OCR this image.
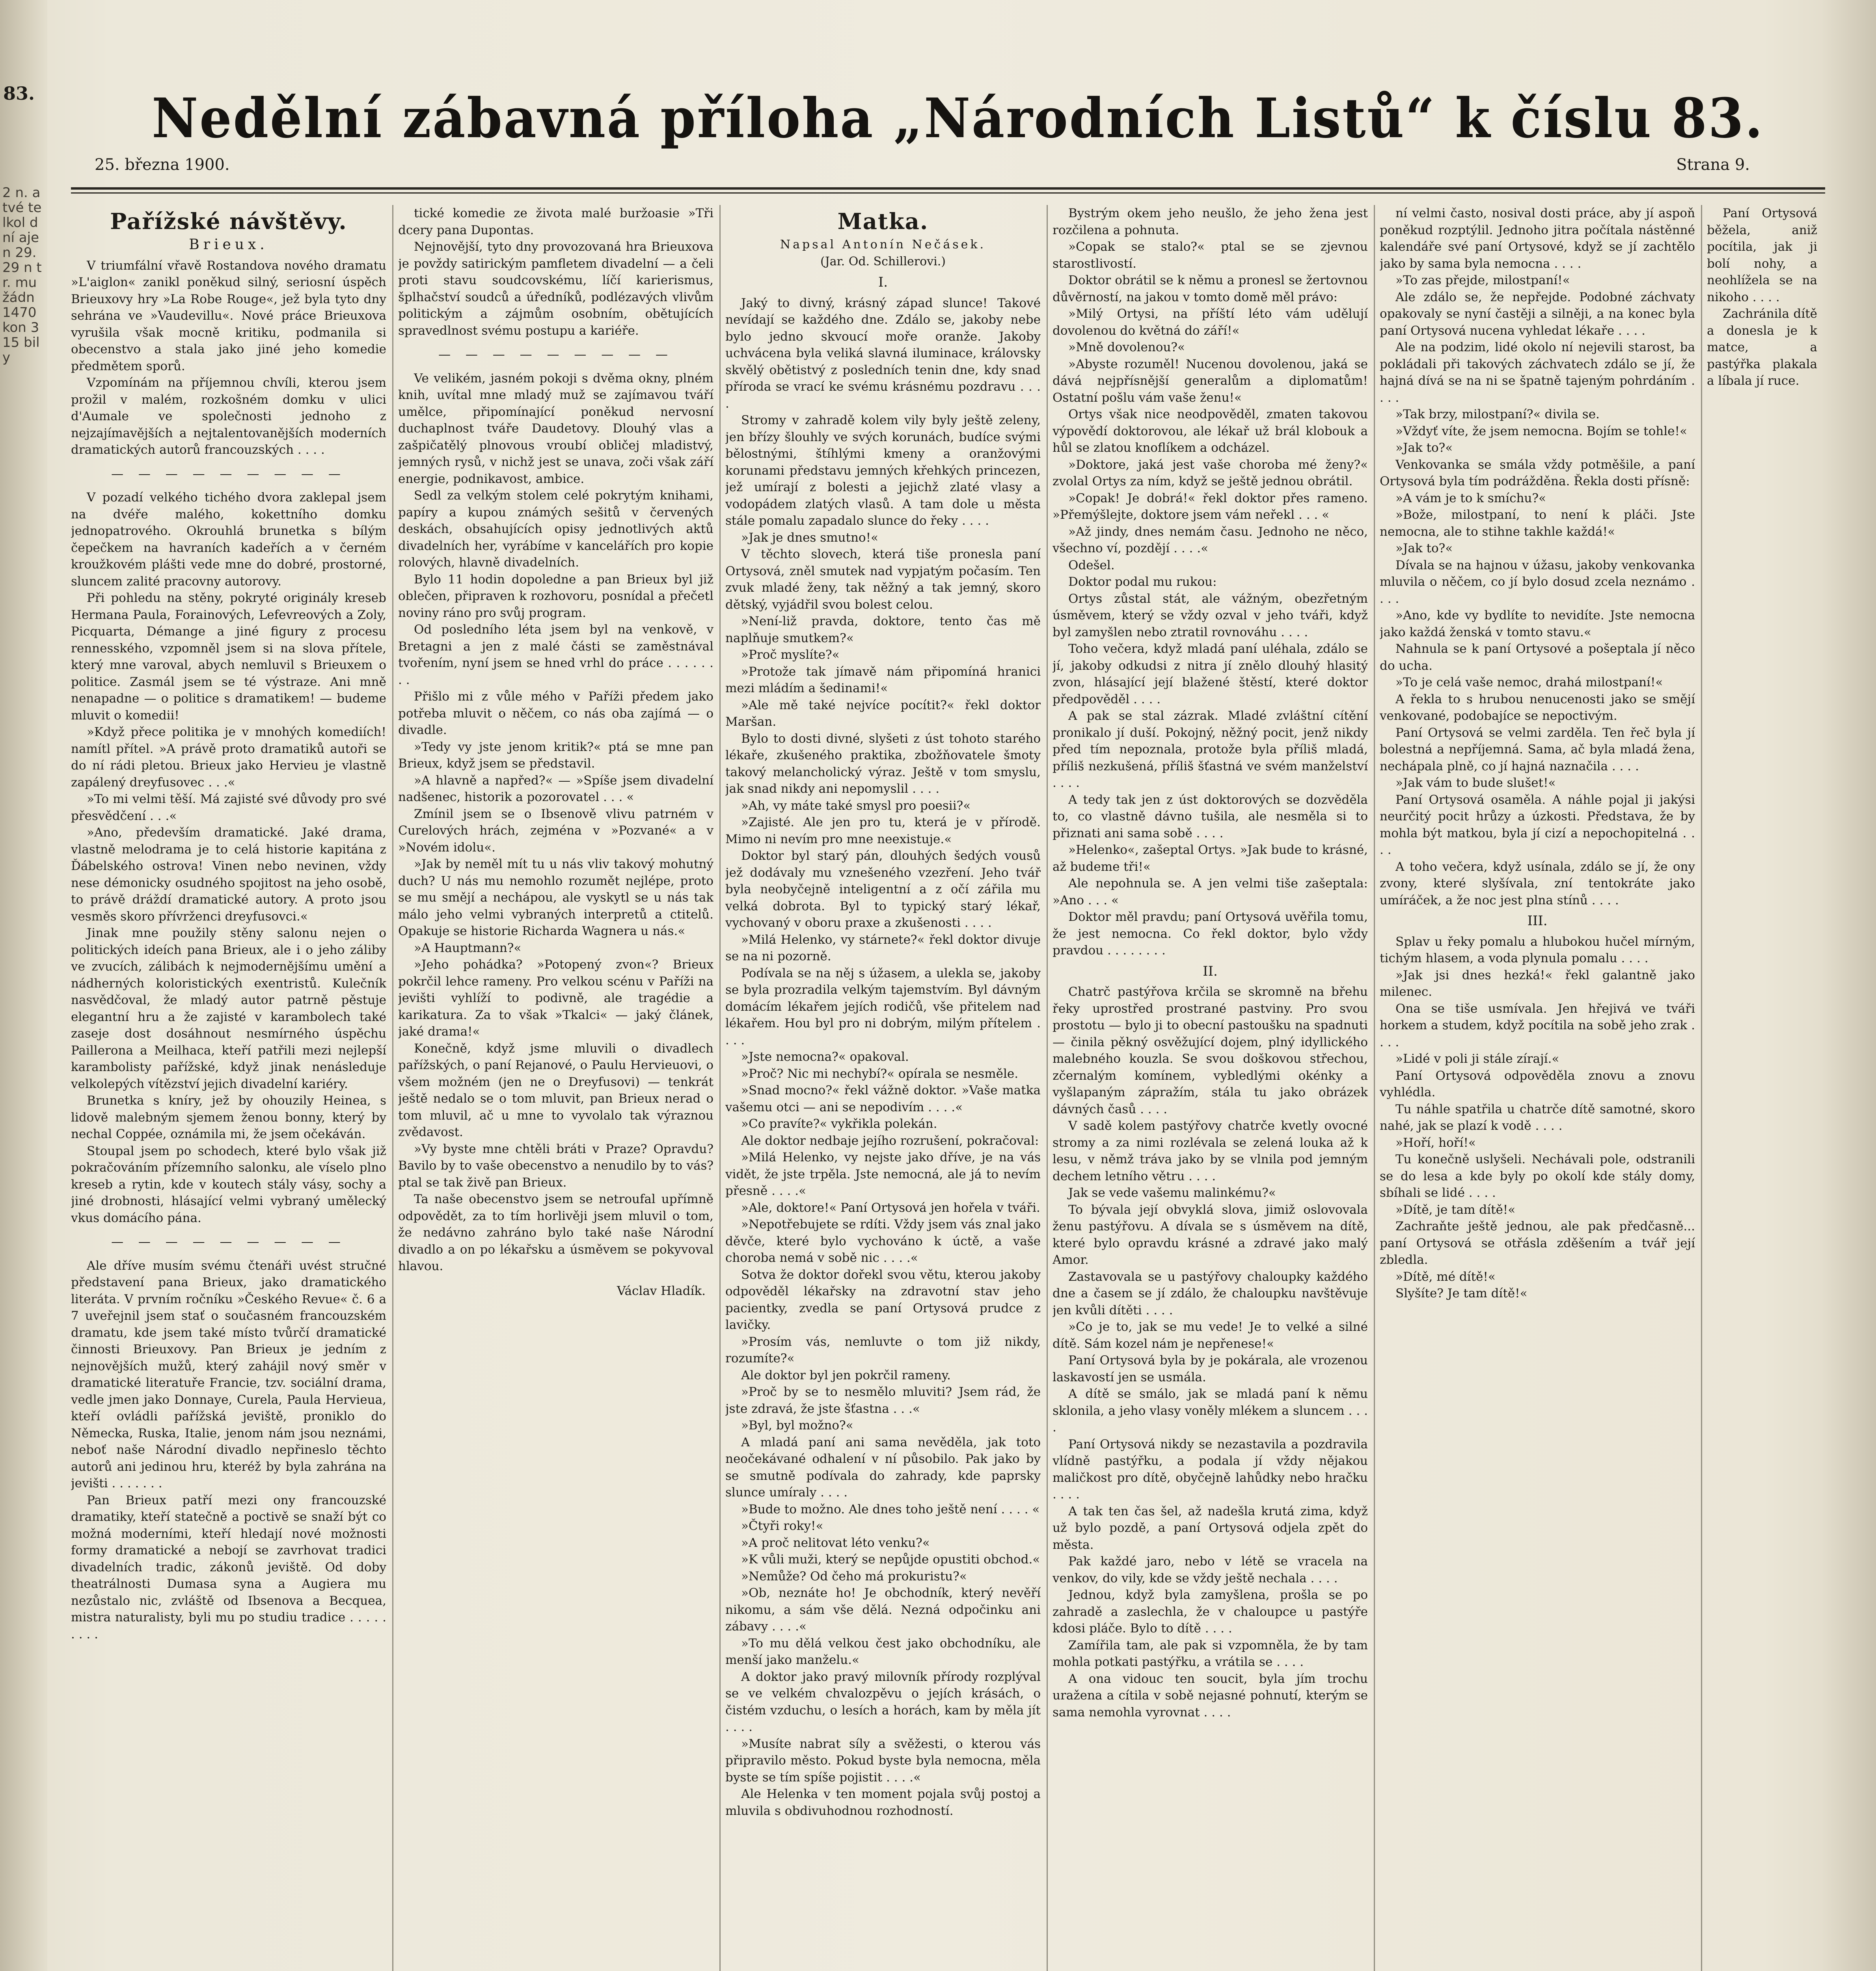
83.
2 n. a tvé telkol dní ajen 29. 29 n tr. mu žádn 1470 kon 315 bily
Nedělní zábavná příloha „Národních Listů“ k číslu 83.
25. března 1900.	Strana 9.
Pařížské návštěvy.
Brieux.

V triumfální vřavě Rostandova nového dramatu »L'aiglon« zanikl poněkud silný, seriosní úspěch Brieuxovy hry »La Robe Rouge«, jež byla tyto dny sehrána ve »Vaudevillu«. Nové práce Brieuxova vyrušila však mocně kritiku, podmanila si obecenstvo a stala jako jiné jeho komedie předmětem sporů.

Vzpomínám na příjemnou chvíli, kterou jsem prožil v malém, rozkošném domku v ulici d'Aumale ve společnosti jednoho z nejzajímavějších a nejtalentovanějších moderních dramatických autorů francouzských . . . .

— — — — — — — — —

V pozadí velkého tichého dvora zaklepal jsem na dvéře malého, kokettního domku jednopatrového. Okrouhlá brunetka s bílým čepečkem na havraních kadeřích a v černém kroužkovém plášti vede mne do dobré, prostorné, sluncem zalité pracovny autorovy.

Při pohledu na stěny, pokryté originály kreseb Hermana Paula, Forainových, Lefevreových a Zoly, Picquarta, Démange a jiné figury z procesu rennesského, vzpomněl jsem si na slova přítele, který mne varoval, abych nemluvil s Brieuxem o politice. Zasmál jsem se té výstraze. Ani mně nenapadne — o politice s dramatikem! — budeme mluvit o komedii!

»Když přece politika je v mnohých komediích! namítl přítel. »A právě proto dramatiků autoři se do ní rádi pletou. Brieux jako Hervieu je vlastně zapálený dreyfusovec . . .«

»To mi velmi těší. Má zajisté své důvody pro své přesvědčení . . .«

»Ano, především dramatické. Jaké drama, vlastně melodrama je to celá historie kapitána z Ďábelského ostrova! Vinen nebo nevinen, vždy nese démonicky osudného spojitost na jeho osobě, to právě dráždí dramatické autory. A proto jsou vesměs skoro přívrženci dreyfusovci.«

Jinak mne použily stěny salonu nejen o politických ideích pana Brieux, ale i o jeho záliby ve zvucích, zálibách k nejmodernějšímu umění a nádherných koloristických exentristů. Kulečník nasvědčoval, že mladý autor patrně pěstuje elegantní hru a že zajisté v karambolech také zaseje dost dosáhnout nesmírného úspěchu Paillerona a Meilhaca, kteří patřili mezi nejlepší karambolisty pařížské, když jinak nenásleduje velkolepých vítězství jejich divadelní kariéry.

Brunetka s kníry, jež by ohouzily Heinea, s lidově malebným sjemem ženou bonny, který by nechal Coppée, oznámila mi, že jsem očekáván.

Stoupal jsem po schodech, které bylo však již pokračováním přízemního salonku, ale víselo plno kreseb a rytin, kde v koutech stály vásy, sochy a jiné drobnosti, hlásající velmi vybraný umělecký vkus domácího pána.

— — — — — — — — —

Ale dříve musím svému čtenáři uvést stručné představení pana Brieux, jako dramatického literáta. V prvním ročníku »Českého Revue« č. 6 a 7 uveřejnil jsem stať o současném francouzském dramatu, kde jsem také místo tvůrčí dramatické činnosti Brieuxovy. Pan Brieux je jedním z nejnovějších mužů, který zahájil nový směr v dramatické literatuře Francie, tzv. sociální drama, vedle jmen jako Donnaye, Curela, Paula Hervieua, kteří ovládli pařížská jeviště, proniklo do Německa, Ruska, Italie, jenom nám jsou neznámi, neboť naše Národní divadlo nepřineslo těchto autorů ani jedinou hru, kteréž by byla zahrána na jevišti . . . . . . .

Pan Brieux patří mezi ony francouzské dramatiky, kteří statečně a poctivě se snaží být co možná moderními, kteří hledají nové možnosti formy dramatické a nebojí se zavrhovat tradici divadelních tradic, zákonů jeviště. Od doby theatrálnosti Dumasa syna a Augiera mu nezůstalo nic, zvláště od Ibsenova a Becquea, mistra naturalisty, byli mu po studiu tradice . . . . . . . . .

tické komedie ze života malé buržoasie »Tři dcery pana Dupontas.

Nejnovější, tyto dny provozovaná hra Brieuxova je povždy satirickým pamfletem divadelní — a čeli proti stavu soudcovskému, líčí karierismus, šplhačství soudců a úředníků, podlézavých vlivům politickým a zájmům osobním, obětujících spravedlnost svému postupu a kariéře.

— — — — — — — — —

Ve velikém, jasném pokoji s dvěma okny, plném knih, uvítal mne mladý muž se zajímavou tváří umělce, připomínající poněkud nervosní duchaplnost tváře Daudetovy. Dlouhý vlas a zašpičatělý plnovous vroubí obličej mladistvý, jemných rysů, v nichž jest se unava, zoči však září energie, podnikavost, ambice.

Sedl za velkým stolem celé pokrytým knihami, papíry a kupou známých sešitů v červených deskách, obsahujících opisy jednotlivých aktů divadelních her, vyrábíme v kancelářích pro kopie rolových, hlavně divadelních.

Bylo 11 hodin dopoledne a pan Brieux byl již oblečen, připraven k rozhovoru, posnídal a přečetl noviny ráno pro svůj program.

Od posledního léta jsem byl na venkově, v Bretagni a jen z malé části se zaměstnával tvořením, nyní jsem se hned vrhl do práce . . . . . . . .

Přišlo mi z vůle mého v Paříži předem jako potřeba mluvit o něčem, co nás oba zajímá — o divadle.

»Tedy vy jste jenom kritik?« ptá se mne pan Brieux, když jsem se představil.

»A hlavně a napřed?« — »Spíše jsem divadelní nadšenec, historik a pozorovatel . . . «

Zmínil jsem se o Ibsenově vlivu patrném v Curelových hrách, zejména v »Pozvané« a v »Novém idolu«.

»Jak by neměl mít tu u nás vliv takový mohutný duch? U nás mu nemohlo rozumět nejlépe, proto se mu smějí a nechápou, ale vyskytl se u nás tak málo jeho velmi vybraných interpretů a ctitelů. Opakuje se historie Richarda Wagnera u nás.«

»A Hauptmann?«

»Jeho pohádka? »Potopený zvon«? Brieux pokrčil lehce rameny. Pro velkou scénu v Paříži na jevišti vyhlíží to podivně, ale tragédie a karikatura. Za to však »Tkalci« — jaký článek, jaké drama!«

Konečně, když jsme mluvili o divadlech pařížských, o paní Rejanové, o Paulu Hervieuovi, o všem možném (jen ne o Dreyfusovi) — tenkrát ještě nedalo se o tom mluvit, pan Brieux nerad o tom mluvil, ač u mne to vyvolalo tak výraznou zvědavost.

»Vy byste mne chtěli bráti v Praze? Opravdu? Bavilo by to vaše obecenstvo a nenudilo by to vás? ptal se tak živě pan Brieux.

Ta naše obecenstvo jsem se netroufal upřímně odpovědět, za to tím horlivěji jsem mluvil o tom, že nedávno zahráno bylo také naše Národní divadlo a on po lékařsku a úsměvem se pokyvoval hlavou.

Václav Hladík.
Matka.
Napsal Antonín Nečásek.
(Jar. Od. Schillerovi.)
I.

Jaký to divný, krásný západ slunce! Takové nevídají se každého dne. Zdálo se, jakoby nebe bylo jedno skvoucí moře oranže. Jakoby uchvácena byla veliká slavná iluminace, královsky skvělý obětistvý z posledních tenin dne, kdy snad příroda se vrací ke svému krásnému pozdravu . . . .

Stromy v zahradě kolem vily byly ještě zeleny, jen břízy šlouhly ve svých korunách, budíce svými bělostnými, štíhlými kmeny a oranžovými korunami představu jemných křehkých princezen, jež umírají z bolesti a jejichž zlaté vlasy a vodopádem zlatých vlasů. A tam dole u města stále pomalu zapadalo slunce do řeky . . . .

»Jak je dnes smutno!«

V těchto slovech, která tiše pronesla paní Ortysová, zněl smutek nad vypjatým počasím. Ten zvuk mladé ženy, tak něžný a tak jemný, skoro dětský, vyjádřil svou bolest celou.

»Není-liž pravda, doktore, tento čas mě naplňuje smutkem?«

»Proč myslíte?«

»Protože tak jímavě nám připomíná hranici mezi mládím a šedinami!«

»Ale mě také nejvíce pocítit?« řekl doktor Maršan.

Bylo to dosti divné, slyšeti z úst tohoto starého lékaře, zkušeného praktika, zbožňovatele šmoty takový melancholický výraz. Ještě v tom smyslu, jak snad nikdy ani nepomyslil . . . .

»Ah, vy máte také smysl pro poesii?«

»Zajisté. Ale jen pro tu, která je v přírodě. Mimo ni nevím pro mne neexistuje.«

Doktor byl starý pán, dlouhých šedých vousů jež dodávaly mu vznešeného vzezření. Jeho tvář byla neobyčejně inteligentní a z očí zářila mu velká dobrota. Byl to typický starý lékař, vychovaný v oboru praxe a zkušenosti . . . .

»Milá Helenko, vy stárnete?« řekl doktor divuje se na ni pozorně.

Podívala se na něj s úžasem, a ulekla se, jakoby se byla prozradila velkým tajemstvím. Byl dávným domácím lékařem jejích rodičů, vše přitelem nad lékařem. Hou byl pro ni dobrým, milým přítelem . . . .

»Jste nemocna?« opakoval.

»Proč? Nic mi nechybí?« opírala se nesměle.

»Snad mocno?« řekl vážně doktor. »Vaše matka vašemu otci — ani se nepodivím . . . .«

»Co pravíte?« vykřikla polekán.

Ale doktor nedbaje jejího rozrušení, pokračoval:

»Milá Helenko, vy nejste jako dříve, je na vás vidět, že jste trpěla. Jste nemocná, ale já to nevím přesně . . . .«

»Ale, doktore!« Paní Ortysová jen hořela v tváři.

»Nepotřebujete se rdíti. Vždy jsem vás znal jako děvče, které bylo vychováno k úctě, a vaše choroba nemá v sobě nic . . . .«

Sotva že doktor dořekl svou větu, kterou jakoby odpověděl lékařsky na zdravotní stav jeho pacientky, zvedla se paní Ortysová prudce z lavičky.

»Prosím vás, nemluvte o tom již nikdy, rozumíte?«

Ale doktor byl jen pokrčil rameny.

»Proč by se to nesmělo mluviti? Jsem rád, že jste zdravá, že jste šťastna . . .«

»Byl, byl možno?«

A mladá paní ani sama nevěděla, jak toto neočekávané odhalení v ní působilo. Pak jako by se smutně podívala do zahrady, kde paprsky slunce umíraly . . . .

»Bude to možno. Ale dnes toho ještě není . . . . «

»Čtyři roky!«

»A proč nelitovat léto venku?«

»K vůli muži, který se nepůjde opustiti obchod.«

»Nemůže? Od čeho má prokuristu?«

»Ob, neznáte ho! Je obchodník, který nevěří nikomu, a sám vše dělá. Nezná odpočinku ani zábavy . . . .«

»To mu dělá velkou čest jako obchodníku, ale menší jako manželu.«

A doktor jako pravý milovník přírody rozplýval se ve velkém chvalozpěvu o jejích krásách, o čistém vzduchu, o lesích a horách, kam by měla jít . . . .

»Musíte nabrat síly a svěžesti, o kterou vás připravilo město. Pokud byste byla nemocna, měla byste se tím spíše pojistit . . . .«

Ale Helenka v ten moment pojala svůj postoj a mluvila s obdivuhodnou rozhodností.

Bystrým okem jeho neušlo, že jeho žena jest rozčilena a pohnuta.

»Copak se stalo?« ptal se se zjevnou starostlivostí.

Doktor obrátil se k němu a pronesl se žertovnou důvěrností, na jakou v tomto domě měl právo:

»Milý Ortysi, na příští léto vám udělují dovolenou do květná do září!«

»Mně dovolenou?«

»Abyste rozuměl! Nucenou dovolenou, jaká se dává nejpřísnější generalům a diplomatům! Ostatní pošlu vám vaše ženu!«

Ortys však nice neodpověděl, zmaten takovou výpovědí doktorovou, ale lékař už brál klobouk a hůl se zlatou knoflíkem a odcházel.

»Doktore, jaká jest vaše choroba mé ženy?« zvolal Ortys za ním, když se ještě jednou obrátil.

»Copak! Je dobrá!« řekl doktor přes rameno. »Přemýšlejte, doktore jsem vám neřekl . . . «

»Až jindy, dnes nemám času. Jednoho ne něco, všechno ví, pozdějí . . . .«

Odešel.

Doktor podal mu rukou:

Ortys zůstal stát, ale vážným, obezřetným úsměvem, který se vždy ozval v jeho tváři, když byl zamyšlen nebo ztratil rovnováhu . . . .

Toho večera, když mladá paní uléhala, zdálo se jí, jakoby odkudsi z nitra jí znělo dlouhý hlasitý zvon, hlásající její blažené štěstí, které doktor předpověděl . . . .

A pak se stal zázrak. Mladé zvláštní cítění pronikalo jí duší. Pokojný, něžný pocit, jenž nikdy před tím nepoznala, protože byla příliš mladá, příliš nezkušená, příliš šťastná ve svém manželství . . . .

A tedy tak jen z úst doktorových se dozvěděla to, co vlastně dávno tušila, ale nesměla si to přiznati ani sama sobě . . . .

»Helenko«, zašeptal Ortys. »Jak bude to krásné, až budeme tři!«

Ale nepohnula se. A jen velmi tiše zašeptala: »Ano . . . «

Doktor měl pravdu; paní Ortysová uvěřila tomu, že jest nemocna. Co řekl doktor, bylo vždy pravdou . . . . . . . .

II.

Chatrč pastýřova krčila se skromně na břehu řeky uprostřed prostrané pastviny. Pro svou prostotu — bylo ji to obecní pastoušku na spadnuti — činila pěkný osvěžující dojem, plný idyllického malebného kouzla. Se svou doškovou střechou, zčernalým komínem, vybledlými okénky a vyšlapaným zápražím, stála tu jako obrázek dávných časů . . . .

V sadě kolem pastýřovy chatrče kvetly ovocné stromy a za nimi rozlévala se zelená louka až k lesu, v němž tráva jako by se vlnila pod jemným dechem letního větru . . . .

Jak se vede vašemu malinkému?«

To bývala její obvyklá slova, jimiž oslovovala ženu pastýřovu. A dívala se s úsměvem na dítě, které bylo opravdu krásné a zdravé jako malý Amor.

Zastavovala se u pastýřovy chaloupky každého dne a časem se jí zdálo, že chaloupku navštěvuje jen kvůli dítěti . . . .

»Co je to, jak se mu vede! Je to velké a silné dítě. Sám kozel nám je nepřenese!«

Paní Ortysová byla by je pokárala, ale vrozenou laskavostí jen se usmála.

A dítě se smálo, jak se mladá paní k němu sklonila, a jeho vlasy voněly mlékem a sluncem . . . .

Paní Ortysová nikdy se nezastavila a pozdravila vlídně pastýřku, a podala jí vždy nějakou maličkost pro dítě, obyčejně lahůdky nebo hračku . . . .

A tak ten čas šel, až nadešla krutá zima, když už bylo pozdě, a paní Ortysová odjela zpět do města.

Pak každé jaro, nebo v létě se vracela na venkov, do vily, kde se vždy ještě nechala . . . .

Jednou, když byla zamyšlena, prošla se po zahradě a zaslechla, že v chaloupce u pastýře kdosi pláče. Bylo to dítě . . . .

Zamířila tam, ale pak si vzpomněla, že by tam mohla potkati pastýřku, a vrátila se . . . .

A ona vidouc ten soucit, byla jím trochu uražena a cítila v sobě nejasné pohnutí, kterým se sama nemohla vyrovnat . . . .

ní velmi často, nosival dosti práce, aby jí aspoň poněkud rozptýlil. Jednoho jitra počítala nástěnné kalendáře své paní Ortysové, když se jí zachtělo jako by sama byla nemocna . . . .

»To zas přejde, milostpaní!«

Ale zdálo se, že nepřejde. Podobné záchvaty opakovaly se nyní častěji a silněji, a na konec byla paní Ortysová nucena vyhledat lékaře . . . .

Ale na podzim, lidé okolo ní nejevili starost, ba pokládali při takových záchvatech zdálo se jí, že hajná dívá se na ni se špatně tajeným pohrdáním . . . .

»Tak brzy, milostpaní?« divila se.

»Vždyť víte, že jsem nemocna. Bojím se tohle!«

»Jak to?«

Venkovanka se smála vždy potměšile, a paní Ortysová byla tím podrážděna. Řekla dosti přísně:

»A vám je to k smíchu?«

»Bože, milostpaní, to není k pláči. Jste nemocna, ale to stihne takhle každá!«

»Jak to?«

Dívala se na hajnou v úžasu, jakoby venkovanka mluvila o něčem, co jí bylo dosud zcela neznámo . . . .

»Ano, kde vy bydlíte to nevidíte. Jste nemocna jako každá ženská v tomto stavu.«

Nahnula se k paní Ortysové a pošeptala jí něco do ucha.

»To je celá vaše nemoc, drahá milostpaní!«

A řekla to s hrubou nenucenosti jako se smějí venkované, podobajíce se nepoctivým.

Paní Ortysová se velmi zarděla. Ten řeč byla jí bolestná a nepříjemná. Sama, ač byla mladá žena, nechápala plně, co jí hajná naznačila . . . .

»Jak vám to bude slušet!«

Paní Ortysová osaměla. A náhle pojal ji jakýsi neurčitý pocit hrůzy a úzkosti. Představa, že by mohla být matkou, byla jí cizí a nepochopitelná . . . .

A toho večera, když usínala, zdálo se jí, že ony zvony, které slyšívala, zní tentokráte jako umíráček, a že noc jest plna stínů . . . .

III.

Splav u řeky pomalu a hlubokou hučel mírným, tichým hlasem, a voda plynula pomalu . . . .

»Jak jsi dnes hezká!« řekl galantně jako milenec.

Ona se tiše usmívala. Jen hřejivá ve tváři horkem a studem, když pocítila na sobě jeho zrak . . . .

»Lidé v poli ji stále zírají.«

Paní Ortysová odpověděla znovu a znovu vyhlédla.

Tu náhle spatřila u chatrče dítě samotné, skoro nahé, jak se plazí k vodě . . . .

»Hoří, hoří!«

Tu konečně uslyšeli. Nechávali pole, odstranili se do lesa a kde byly po okolí kde stály domy, sbíhali se lidé . . . .

»Dítě, je tam dítě!«

Zachraňte ještě jednou, ale pak předčasně... paní Ortysová se otřásla zděšením a tvář její zbledla.

»Dítě, mé dítě!«

Slyšíte? Je tam dítě!«

Paní Ortysová běžela, aniž pocítila, jak ji bolí nohy, a neohlížela se na nikoho . . . .

Zachránila dítě a donesla je k matce, a pastýřka plakala a líbala jí ruce.
